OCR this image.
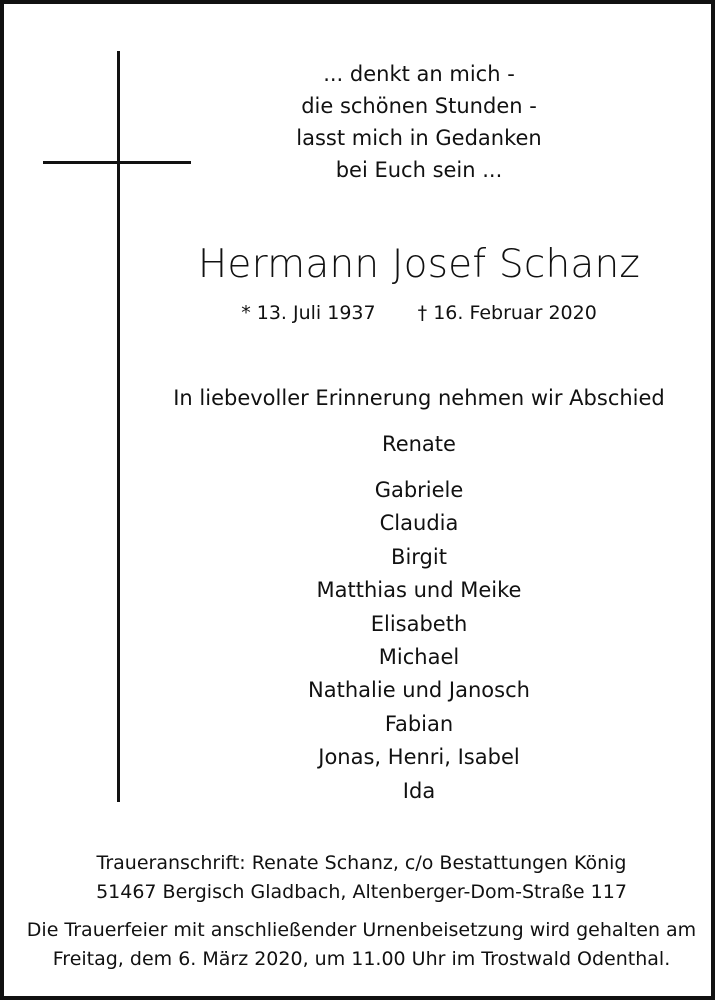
... denkt an mich -
die schönen Stunden -
lasst mich in Gedanken
bei Euch sein ...
Hermann Josef Schanz
* 13. Juli 1937 † 16. Februar 2020
In liebevoller Erinnerung nehmen wir Abschied
Renate
Gabriele
Claudia
Birgit
Matthias und Meike
Elisabeth
Michael
Nathalie und Janosch
Fabian
Jonas, Henri, Isabel
Ida
Traueranschrift: Renate Schanz, c/o Bestattungen König
51467 Bergisch Gladbach, Altenberger-Dom-Straße 117
Die Trauerfeier mit anschließender Urnenbeisetzung wird gehalten am
Freitag, dem 6. März 2020, um 11.00 Uhr im Trostwald Odenthal.
